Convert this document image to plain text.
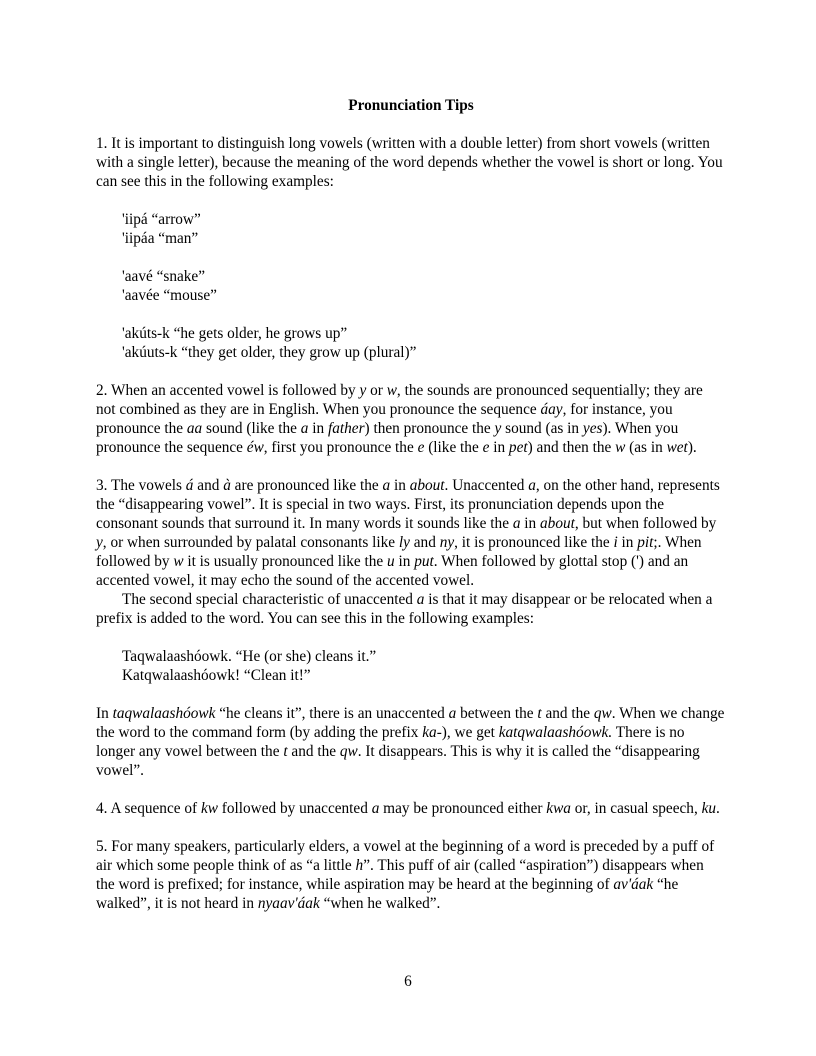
Pronunciation Tips

1. It is important to distinguish long vowels (written with a double letter) from short vowels (written with a single letter), because the meaning of the word depends whether the vowel is short or long. You can see this in the following examples:

'iipá “arrow”

'iipáa “man”

'aavé “snake”

'aavée “mouse”

'akúts-k “he gets older, he grows up”

'akúuts-k “they get older, they grow up (plural)”

2. When an accented vowel is followed by y or w, the sounds are pronounced sequentially; they are not combined as they are in English. When you pronounce the sequence áay, for instance, you pronounce the aa sound (like the a in father) then pronounce the y sound (as in yes). When you pronounce the sequence éw, first you pronounce the e (like the e in pet) and then the w (as in wet).

3. The vowels á and à are pronounced like the a in about. Unaccented a, on the other hand, represents the “disappearing vowel”. It is special in two ways. First, its pronunciation depends upon the consonant sounds that surround it. In many words it sounds like the a in about, but when followed by y, or when surrounded by palatal consonants like ly and ny, it is pronounced like the i in pit;. When followed by w it is usually pronounced like the u in put. When followed by glottal stop (') and an accented vowel, it may echo the sound of the accented vowel.

The second special characteristic of unaccented a is that it may disappear or be relocated when a prefix is added to the word. You can see this in the following examples:

Taqwalaashóowk. “He (or she) cleans it.”

Katqwalaashóowk! “Clean it!”

In taqwalaashóowk “he cleans it”, there is an unaccented a between the t and the qw. When we change the word to the command form (by adding the prefix ka-), we get katqwalaashóowk. There is no longer any vowel between the t and the qw. It disappears. This is why it is called the “disappearing vowel”.

4. A sequence of kw followed by unaccented a may be pronounced either kwa or, in casual speech, ku.

5. For many speakers, particularly elders, a vowel at the beginning of a word is preceded by a puff of air which some people think of as “a little h”. This puff of air (called “aspiration”) disappears when the word is prefixed; for instance, while aspiration may be heard at the beginning of av'áak “he walked”, it is not heard in nyaav'áak “when he walked”.

6
